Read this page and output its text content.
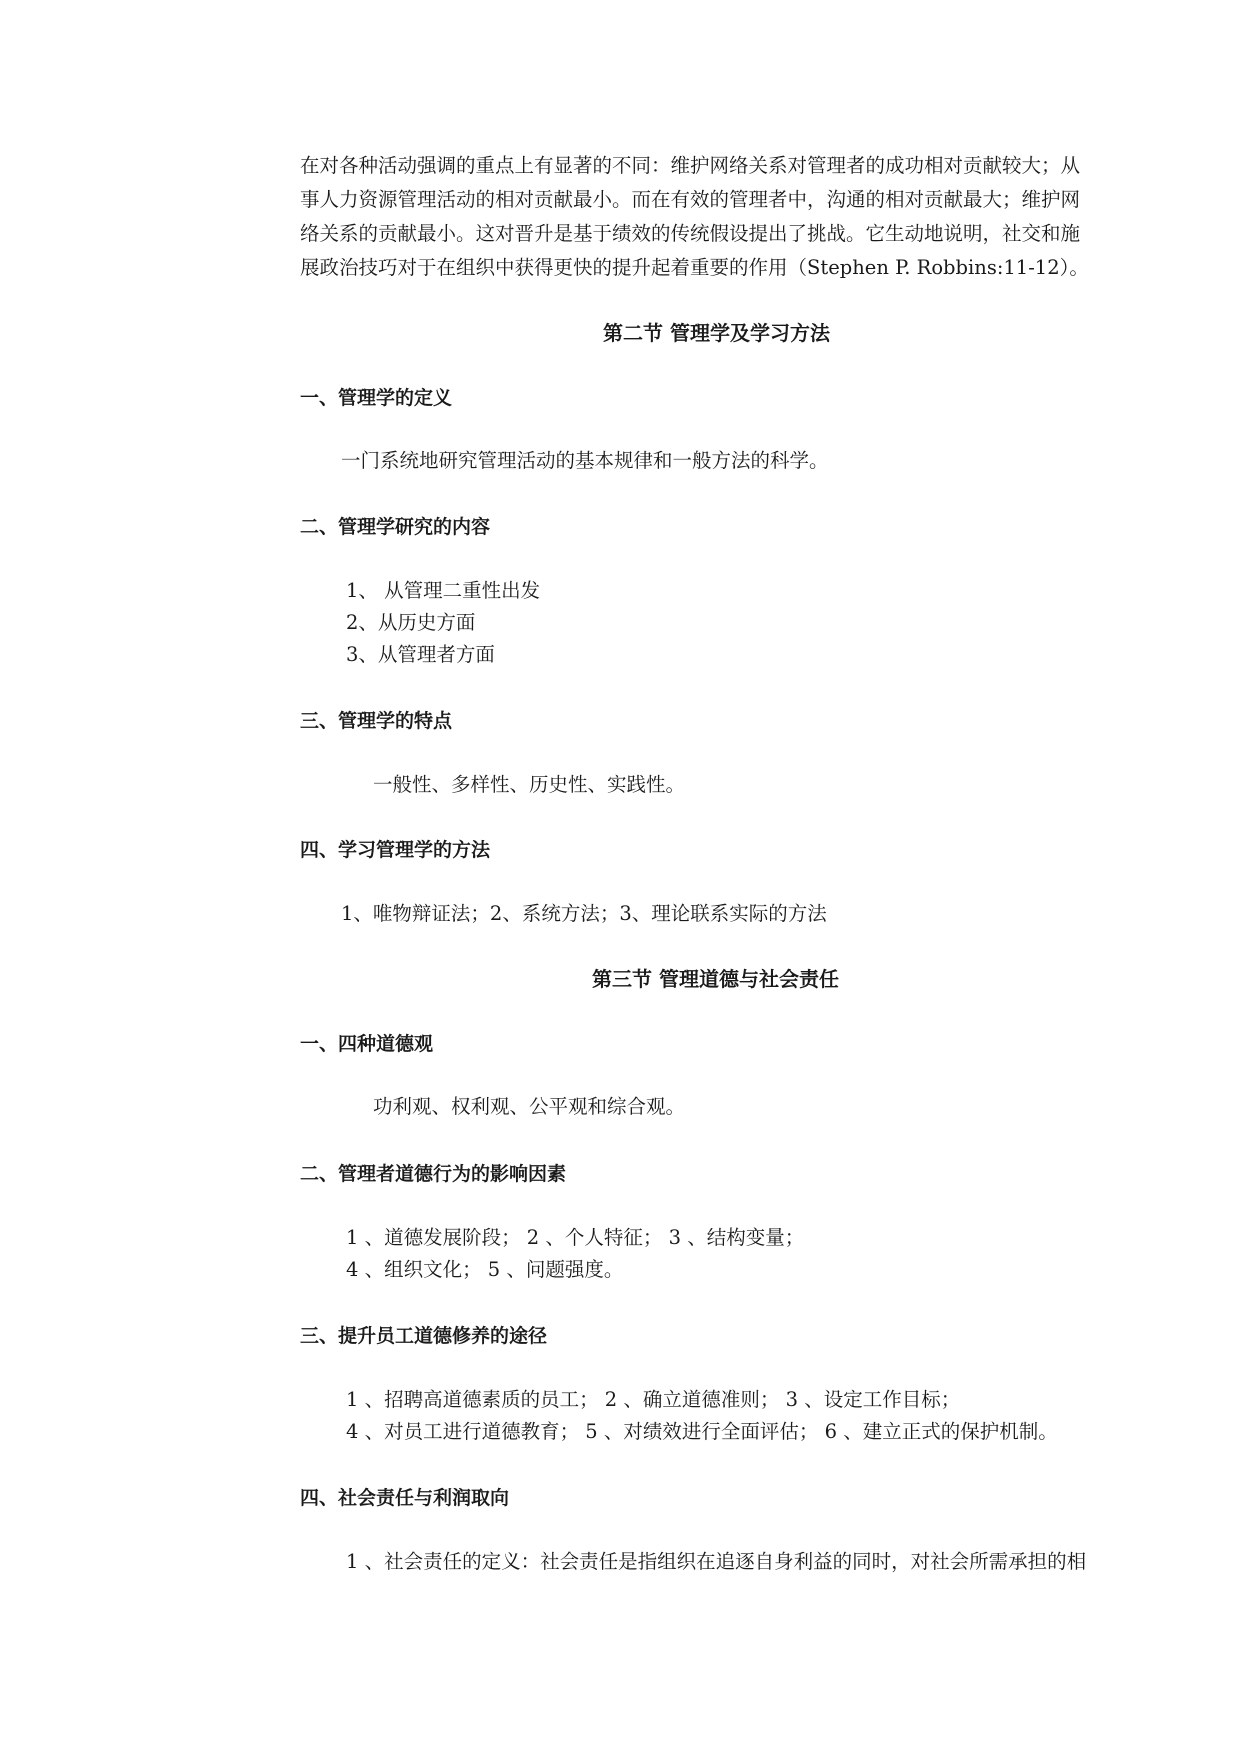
在对各种活动强调的重点上有显著的不同：维护网络关系对管理者的成功相对贡献较大；从

事人力资源管理活动的相对贡献最小。而在有效的管理者中，沟通的相对贡献最大；维护网

络关系的贡献最小。这对晋升是基于绩效的传统假设提出了挑战。它生动地说明，社交和施

展政治技巧对于在组织中获得更快的提升起着重要的作用（Stephen P. Robbins:11-12）。

第二节 管理学及学习方法
一、管理学的定义

一门系统地研究管理活动的基本规律和一般方法的科学。

二、管理学研究的内容

1、 从管理二重性出发

2、从历史方面

3、从管理者方面

三、管理学的特点

一般性、多样性、历史性、实践性。

四、学习管理学的方法

1、唯物辩证法；2、系统方法；3、理论联系实际的方法

第三节 管理道德与社会责任
一、四种道德观

功利观、权利观、公平观和综合观。

二、管理者道德行为的影响因素

1 、道德发展阶段； 2 、个人特征； 3 、结构变量；

4 、组织文化； 5 、问题强度。

三、提升员工道德修养的途径

1 、招聘高道德素质的员工； 2 、确立道德准则； 3 、设定工作目标；

4 、对员工进行道德教育； 5 、对绩效进行全面评估； 6 、建立正式的保护机制。

四、社会责任与利润取向

1 、社会责任的定义：社会责任是指组织在追逐自身利益的同时，对社会所需承担的相
